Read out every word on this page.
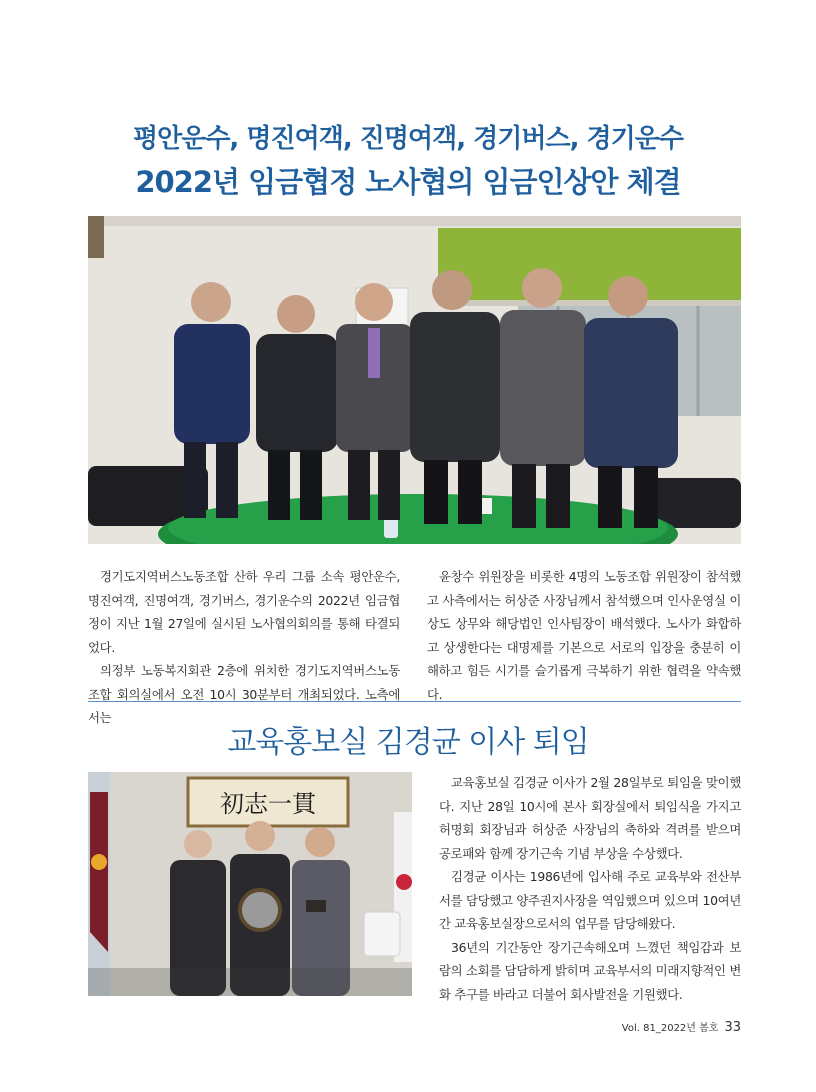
평안운수, 명진여객, 진명여객, 경기버스, 경기운수
2022년 임금협정 노사협의 임금인상안 체결

경기도지역버스노동조합 산하 우리 그룹 소속 평안운수, 명진여객, 진명여객, 경기버스, 경기운수의 2022년 임금협정이 지난 1월 27일에 실시된 노사협의회의를 통해 타결되었다.

의정부 노동복지회관 2층에 위치한 경기도지역버스노동조합 회의실에서 오전 10시 30분부터 개최되었다. 노측에서는

윤창수 위원장을 비롯한 4명의 노동조합 위원장이 참석했고 사측에서는 허상준 사장님께서 참석했으며 인사운영실 이상도 상무와 해당법인 인사팀장이 배석했다. 노사가 화합하고 상생한다는 대명제를 기본으로 서로의 입장을 충분히 이해하고 힘든 시기를 슬기롭게 극복하기 위한 협력을 약속했다.

교육홍보실 김경균 이사 퇴임
初志一貫

교육홍보실 김경균 이사가 2월 28일부로 퇴임을 맞이했다. 지난 28일 10시에 본사 회장실에서 퇴임식을 가지고 허명회 회장님과 허상준 사장님의 축하와 격려를 받으며 공로패와 함께 장기근속 기념 부상을 수상했다.

김경균 이사는 1986년에 입사해 주로 교육부와 전산부서를 담당했고 양주권지사장을 역임했으며 있으며 10여년간 교육홍보실장으로서의 업무를 담당해왔다.

36년의 기간동안 장기근속해오며 느꼈던 책임감과 보람의 소회를 담담하게 밝히며 교육부서의 미래지향적인 변화 추구를 바라고 더불어 회사발전을 기원했다.

Vol. 81_2022년 봄호 33
